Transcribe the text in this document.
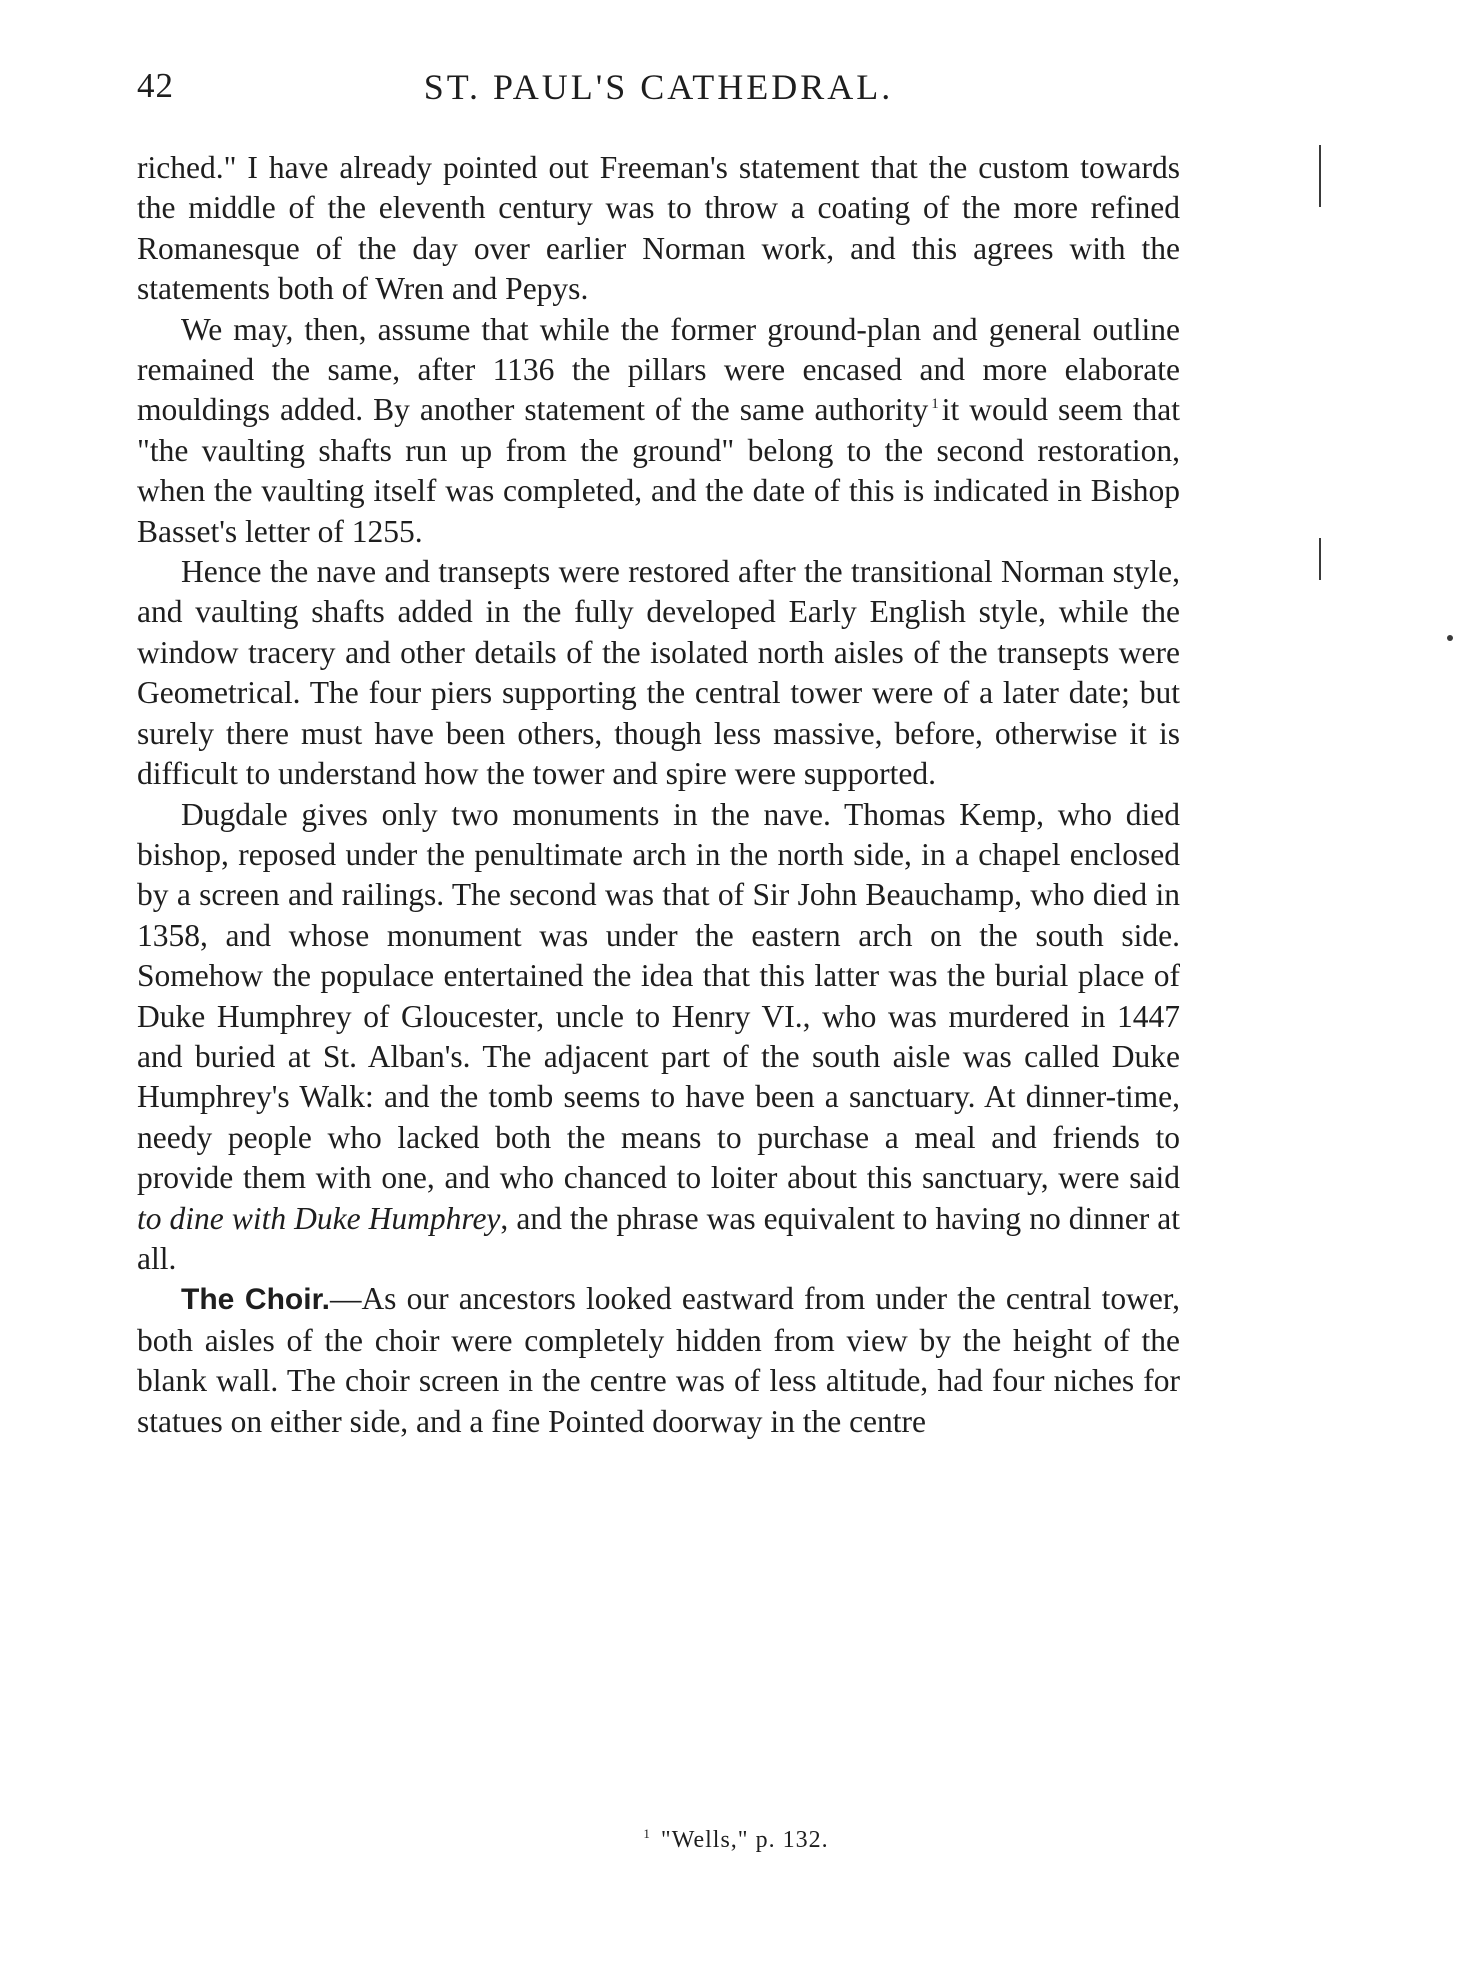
42	ST. PAUL'S CATHEDRAL.

riched." I have already pointed out Freeman's statement that the custom towards the middle of the eleventh century was to throw a coating of the more refined Romanesque of the day over earlier Norman work, and this agrees with the statements both of Wren and Pepys.

We may, then, assume that while the former ground-plan and general outline remained the same, after 1136 the pillars were encased and more elaborate mouldings added. By another statement of the same authority $^1$it would seem that "the vaulting shafts run up from the ground" belong to the second restoration, when the vaulting itself was completed, and the date of this is indicated in Bishop Basset's letter of 1255.

Hence the nave and transepts were restored after the transitional Norman style, and vaulting shafts added in the fully developed Early English style, while the window tracery and other details of the isolated north aisles of the transepts were Geometrical. The four piers supporting the central tower were of a later date; but surely there must have been others, though less massive, before, otherwise it is difficult to understand how the tower and spire were supported.

Dugdale gives only two monuments in the nave. Thomas Kemp, who died bishop, reposed under the penultimate arch in the north side, in a chapel enclosed by a screen and railings. The second was that of Sir John Beauchamp, who died in 1358, and whose monument was under the eastern arch on the south side. Somehow the populace entertained the idea that this latter was the burial place of Duke Humphrey of Gloucester, uncle to Henry VI., who was murdered in 1447 and buried at St. Alban's. The adjacent part of the south aisle was called Duke Humphrey's Walk: and the tomb seems to have been a sanctuary. At dinner-time, needy people who lacked both the means to purchase a meal and friends to provide them with one, and who chanced to loiter about this sanctuary, were said to dine with Duke Humphrey, and the phrase was equivalent to having no dinner at all.

The Choir.—As our ancestors looked eastward from under the central tower, both aisles of the choir were completely hidden from view by the height of the blank wall. The choir screen in the centre was of less altitude, had four niches for statues on either side, and a fine Pointed doorway in the centre

$^1$ "Wells," p. 132.
